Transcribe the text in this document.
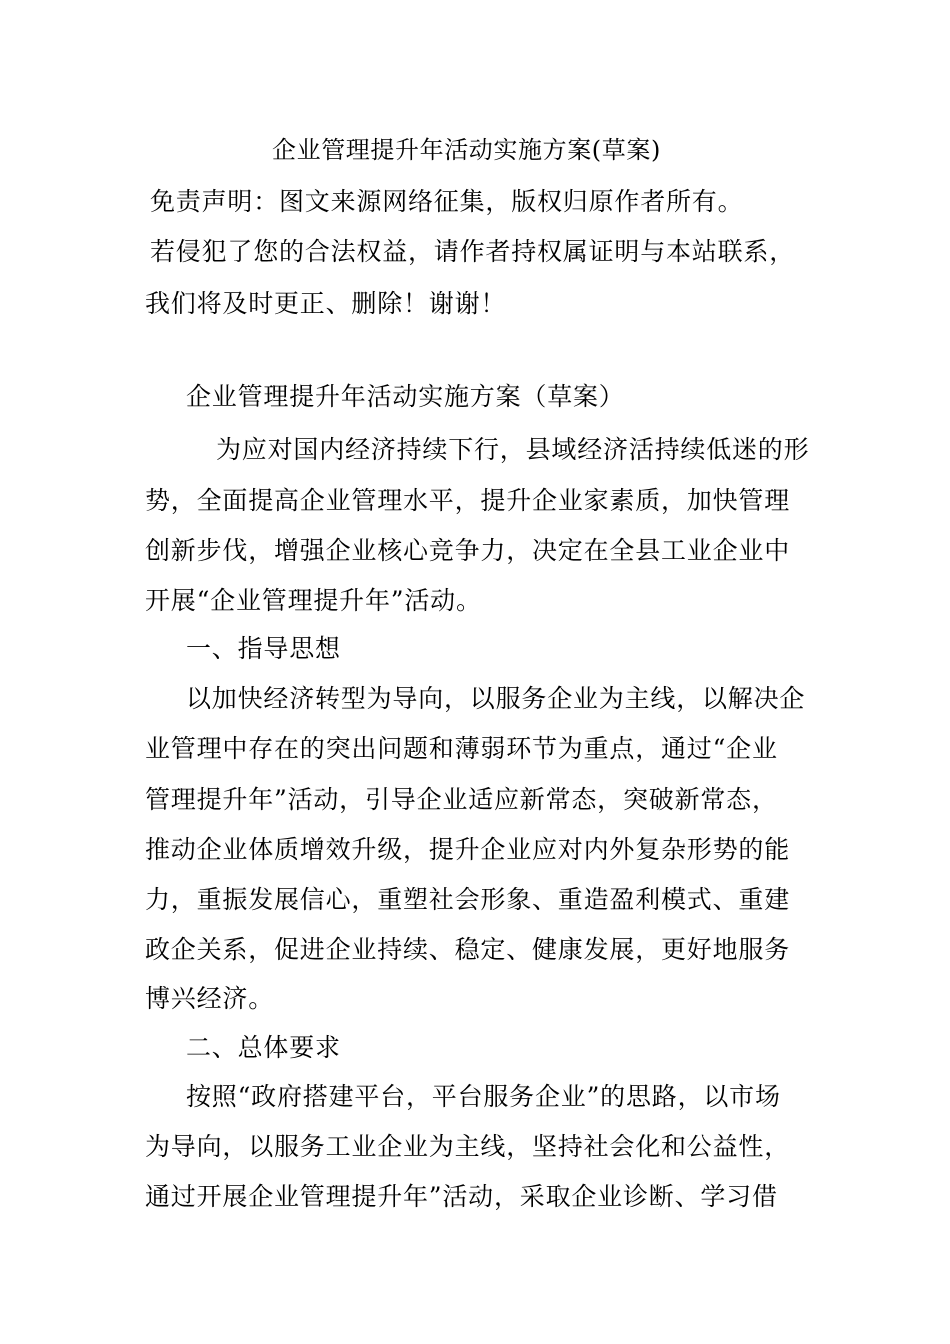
企业管理提升年活动实施方案(草案)
免责声明：图文来源网络征集，版权归原作者所有。
若侵犯了您的合法权益，请作者持权属证明与本站联系，
我们将及时更正、删除！谢谢！
企业管理提升年活动实施方案（草案）
为应对国内经济持续下行，县域经济活持续低迷的形
势，全面提高企业管理水平，提升企业家素质，加快管理
创新步伐，增强企业核心竞争力，决定在全县工业企业中
开展“企业管理提升年”活动。
一、指导思想
以加快经济转型为导向，以服务企业为主线，以解决企
业管理中存在的突出问题和薄弱环节为重点，通过“企业
管理提升年”活动，引导企业适应新常态，突破新常态，
推动企业体质增效升级，提升企业应对内外复杂形势的能
力，重振发展信心，重塑社会形象、重造盈利模式、重建
政企关系，促进企业持续、稳定、健康发展，更好地服务
博兴经济。
二、总体要求
按照“政府搭建平台，平台服务企业”的思路，以市场
为导向，以服务工业企业为主线，坚持社会化和公益性，
通过开展企业管理提升年”活动，采取企业诊断、学习借
